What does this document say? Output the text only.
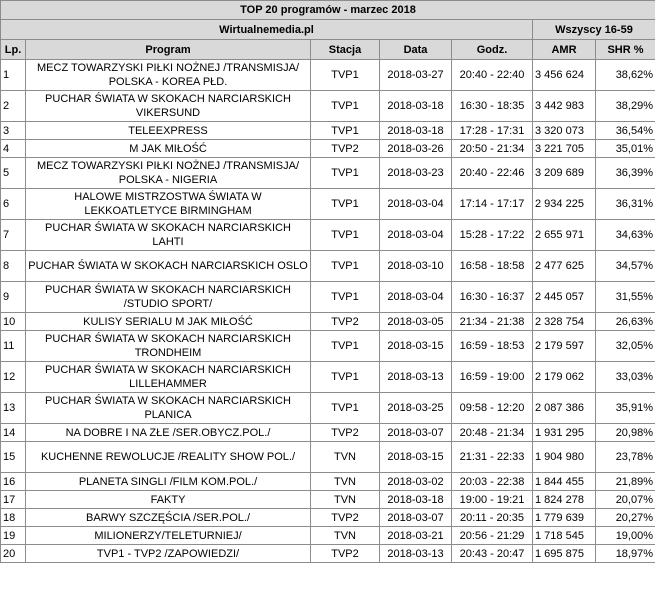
TOP 20 programów - marzec 2018						
Wirtualnemedia.pl					Wszyscy 16-59	
Lp.	Program	Stacja	Data	Godz.	AMR	SHR %
1	MECZ TOWARZYSKI PIŁKI NOŻNEJ /TRANSMISJA/ POLSKA - KOREA PŁD.	TVP1	2018-03-27	20:40 - 22:40	3 456 624	38,62%
2	PUCHAR ŚWIATA W SKOKACH NARCIARSKICH VIKERSUND	TVP1	2018-03-18	16:30 - 18:35	3 442 983	38,29%
3	TELEEXPRESS	TVP1	2018-03-18	17:28 - 17:31	3 320 073	36,54%
4	M JAK MIŁOŚĆ	TVP2	2018-03-26	20:50 - 21:34	3 221 705	35,01%
5	MECZ TOWARZYSKI PIŁKI NOŻNEJ /TRANSMISJA/ POLSKA - NIGERIA	TVP1	2018-03-23	20:40 - 22:46	3 209 689	36,39%
6	HALOWE MISTRZOSTWA ŚWIATA W LEKKOATLETYCE BIRMINGHAM	TVP1	2018-03-04	17:14 - 17:17	2 934 225	36,31%
7	PUCHAR ŚWIATA W SKOKACH NARCIARSKICH LAHTI	TVP1	2018-03-04	15:28 - 17:22	2 655 971	34,63%
8	PUCHAR ŚWIATA W SKOKACH NARCIARSKICH OSLO	TVP1	2018-03-10	16:58 - 18:58	2 477 625	34,57%
9	PUCHAR ŚWIATA W SKOKACH NARCIARSKICH /STUDIO SPORT/	TVP1	2018-03-04	16:30 - 16:37	2 445 057	31,55%
10	KULISY SERIALU M JAK MIŁOŚĆ	TVP2	2018-03-05	21:34 - 21:38	2 328 754	26,63%
11	PUCHAR ŚWIATA W SKOKACH NARCIARSKICH TRONDHEIM	TVP1	2018-03-15	16:59 - 18:53	2 179 597	32,05%
12	PUCHAR ŚWIATA W SKOKACH NARCIARSKICH LILLEHAMMER	TVP1	2018-03-13	16:59 - 19:00	2 179 062	33,03%
13	PUCHAR ŚWIATA W SKOKACH NARCIARSKICH PLANICA	TVP1	2018-03-25	09:58 - 12:20	2 087 386	35,91%
14	NA DOBRE I NA ZŁE /SER.OBYCZ.POL./	TVP2	2018-03-07	20:48 - 21:34	1 931 295	20,98%
15	KUCHENNE REWOLUCJE /REALITY SHOW POL./	TVN	2018-03-15	21:31 - 22:33	1 904 980	23,78%
16	PLANETA SINGLI /FILM KOM.POL./	TVN	2018-03-02	20:03 - 22:38	1 844 455	21,89%
17	FAKTY	TVN	2018-03-18	19:00 - 19:21	1 824 278	20,07%
18	BARWY SZCZĘŚCIA /SER.POL./	TVP2	2018-03-07	20:11 - 20:35	1 779 639	20,27%
19	MILIONERZY/TELETURNIEJ/	TVN	2018-03-21	20:56 - 21:29	1 718 545	19,00%
20	TVP1 - TVP2 /ZAPOWIEDZI/	TVP2	2018-03-13	20:43 - 20:47	1 695 875	18,97%
